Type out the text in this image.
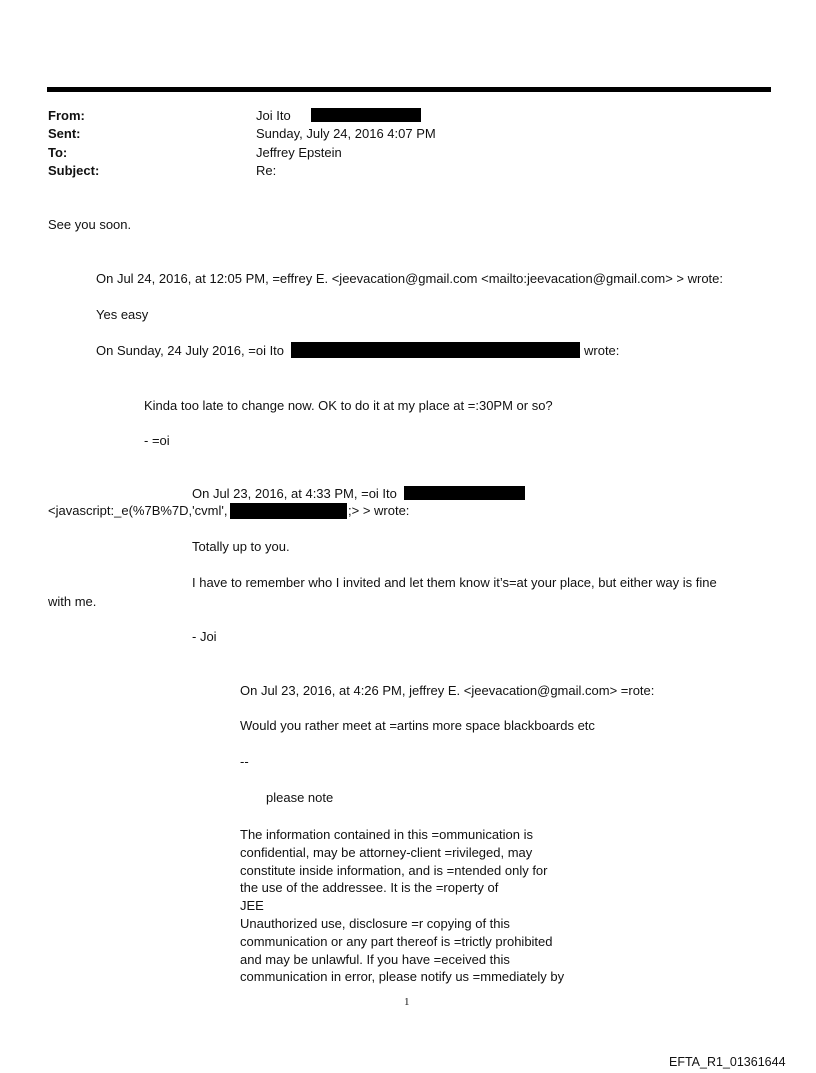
From:	Joi Ito
Sent:	Sunday, July 24, 2016 4:07 PM
To:	Jeffrey Epstein
Subject:	Re:
See you soon.
On Jul 24, 2016, at 12:05 PM, =effrey E. <jeevacation@gmail.com <mailto:jeevacation@gmail.com> > wrote:
Yes easy
On Sunday, 24 July 2016, =oi Ito	wrote:
Kinda too late to change now. OK to do it at my place at =:30PM or so?
- =oi
On Jul 23, 2016, at 4:33 PM, =oi Ito
<javascript:_e(%7B%7D,'cvml',	;> > wrote:
Totally up to you.
I have to remember who I invited and let them know it’s=at your place, but either way is fine
with me.
- Joi
On Jul 23, 2016, at 4:26 PM, jeffrey E. <jeevacation@gmail.com> =rote:
Would you rather meet at =artins more space blackboards etc
--
please note
The information contained in this =ommunication is
confidential, may be attorney-client =rivileged, may
constitute inside information, and is =ntended only for
the use of the addressee. It is the =roperty of
JEE
Unauthorized use, disclosure =r copying of this
communication or any part thereof is =trictly prohibited
and may be unlawful. If you have =eceived this
communication in error, please notify us =mmediately by
1
EFTA_R1_01361644
